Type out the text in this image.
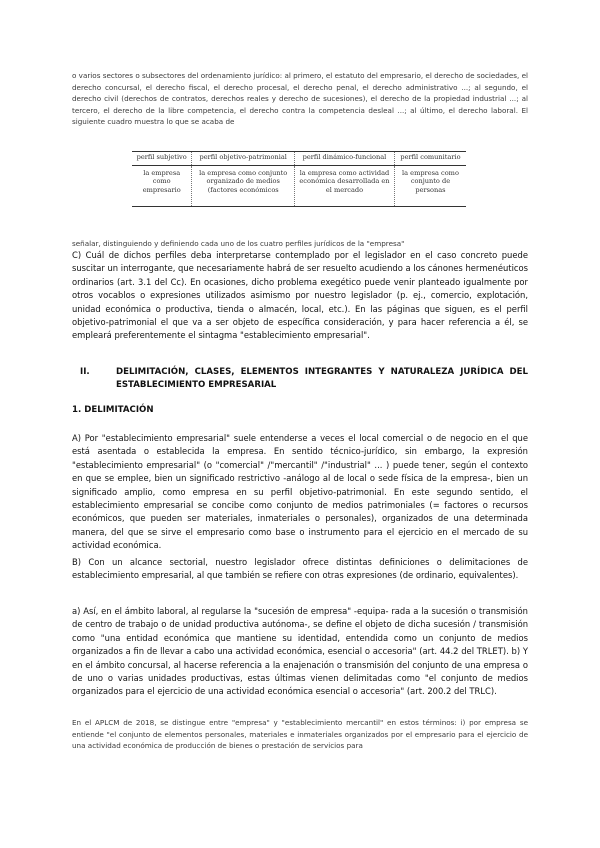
o varios sectores o subsectores del ordenamiento jurídico: al primero, el estatuto del empresario, el derecho de sociedades, el derecho concursal, el derecho fiscal, el derecho procesal, el derecho penal, el derecho administrativo ...; al segundo, el derecho civil (derechos de contratos, derechos reales y derecho de sucesiones), el derecho de la propiedad industrial ...; al tercero, el derecho de la libre competencia, el derecho contra la competencia desleal ...; al último, el derecho laboral. El siguiente cuadro muestra lo que se acaba de
perfil subjetivo	perfil objetivo-patrimonial	perfil dinámico-funcional	perfil comunitario
la empresa como empresario	la empresa como conjunto organizado de medios (factores económicos	la empresa como actividad económica desarrollada en el mercado	la empresa como conjunto de personas
señalar, distinguiendo y definiendo cada uno de los cuatro perfiles jurídicos de la "empresa"
C) Cuál de dichos perfiles deba interpretarse contemplado por el legislador en el caso concreto puede suscitar un interrogante, que necesariamente habrá de ser resuelto acudiendo a los cánones hermenéuticos ordinarios (art. 3.1 del Cc). En ocasiones, dicho problema exegético puede venir planteado igualmente por otros vocablos o expresiones utilizados asimismo por nuestro legislador (p. ej., comercio, explotación, unidad económica o productiva, tienda o almacén, local, etc.). En las páginas que siguen, es el perfil objetivo-patrimonial el que va a ser objeto de específica consideración, y para hacer referencia a él, se empleará preferentemente el sintagma "establecimiento empresarial".
II.	DELIMITACIÓN, CLASES, ELEMENTOS INTEGRANTES Y NATURALEZA JURÍDICA DEL ESTABLECIMIENTO EMPRESARIAL
1. DELIMITACIÓN
A) Por "establecimiento empresarial" suele entenderse a veces el local comercial o de negocio en el que está asentada o establecida la empresa. En sentido técnico-jurídico, sin embargo, la expresión "establecimiento empresarial" (o "comercial" /"mercantil" /"industrial" ... ) puede tener, según el contexto en que se emplee, bien un significado restrictivo -análogo al de local o sede física de la empresa-, bien un significado amplio, como empresa en su perfil objetivo-patrimonial. En este segundo sentido, el establecimiento empresarial se concibe como conjunto de medios patrimoniales (= factores o recursos económicos, que pueden ser materiales, inmateriales o personales), organizados de una determinada manera, del que se sirve el empresario como base o instrumento para el ejercicio en el mercado de su actividad económica.
B) Con un alcance sectorial, nuestro legislador ofrece distintas definiciones o delimitaciones de establecimiento empresarial, al que también se refiere con otras expresiones (de ordinario, equivalentes).
a) Así, en el ámbito laboral, al regularse la "sucesión de empresa" -equipa- rada a la sucesión o transmisión de centro de trabajo o de unidad productiva autónoma-, se define el objeto de dicha sucesión / transmisión como "una entidad económica que mantiene su identidad, entendida como un conjunto de medios organizados a fin de llevar a cabo una actividad económica, esencial o accesoria" (art. 44.2 del TRLET). b) Y en el ámbito concursal, al hacerse referencia a la enajenación o transmisión del conjunto de una empresa o de uno o varias unidades productivas, estas últimas vienen delimitadas como "el conjunto de medios organizados para el ejercicio de una actividad económica esencial o accesoria" (art. 200.2 del TRLC).
En el APLCM de 2018, se distingue entre "empresa" y "establecimiento mercantil" en estos términos: i) por empresa se entiende "el conjunto de elementos personales, materiales e inmateriales organizados por el empresario para el ejercicio de una actividad económica de producción de bienes o prestación de servicios para
